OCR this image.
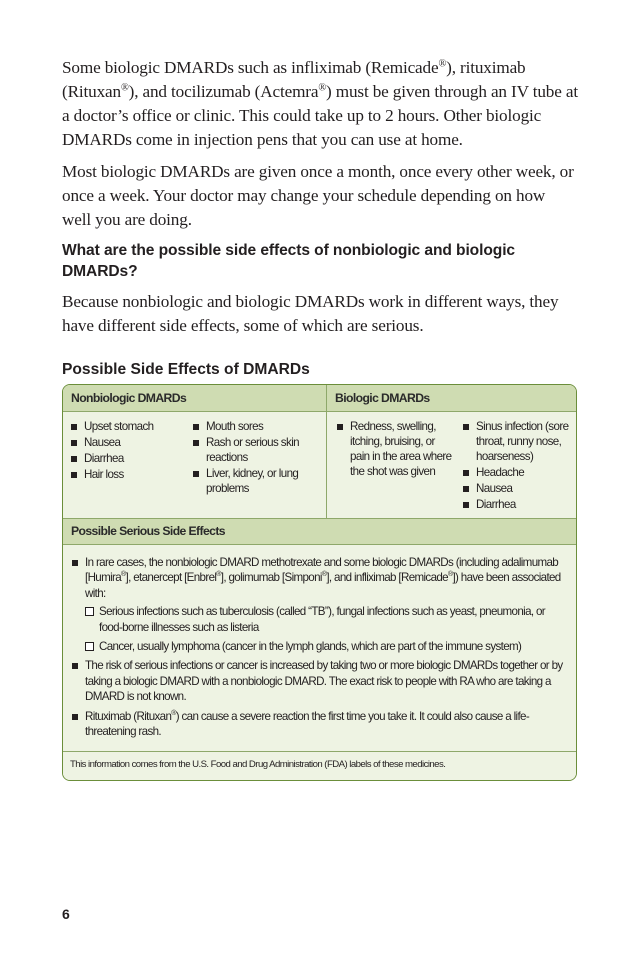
Some biologic DMARDs such as infliximab (Remicade®), rituximab (Rituxan®), and tocilizumab (Actemra®) must be given through an IV tube at a doctor’s office or clinic. This could take up to 2 hours. Other biologic DMARDs come in injection pens that you can use at home.

Most biologic DMARDs are given once a month, once every other week, or once a week. Your doctor may change your schedule depending on how well you are doing.

What are the possible side effects of nonbiologic and biologic DMARDs?

Because nonbiologic and biologic DMARDs work in different ways, they have different side effects, some of which are serious.

Possible Side Effects of DMARDs
Nonbiologic DMARDs	Biologic DMARDs
Upset stomach
Nausea
Diarrhea
Hair loss
Mouth sores
Rash or serious skin reactions
Liver, kidney, or lung problems
Redness, swelling, itching, bruising, or pain in the area where the shot was given
Sinus infection (sore throat, runny nose, hoarseness)
Headache
Nausea
Diarrhea
Possible Serious Side Effects
In rare cases, the nonbiologic DMARD methotrexate and some biologic DMARDs (including adalimumab [Humira®], etanercept [Enbrel®], golimumab [Simponi®], and infliximab [Remicade®]) have been associated with:
Serious infections such as tuberculosis (called “TB”), fungal infections such as yeast, pneumonia, or food-borne illnesses such as listeria
Cancer, usually lymphoma (cancer in the lymph glands, which are part of the immune system)
The risk of serious infections or cancer is increased by taking two or more biologic DMARDs together or by taking a biologic DMARD with a nonbiologic DMARD. The exact risk to people with RA who are taking a DMARD is not known.
Rituximab (Rituxan®) can cause a severe reaction the first time you take it. It could also cause a life-threatening rash.
This information comes from the U.S. Food and Drug Administration (FDA) labels of these medicines.
6
